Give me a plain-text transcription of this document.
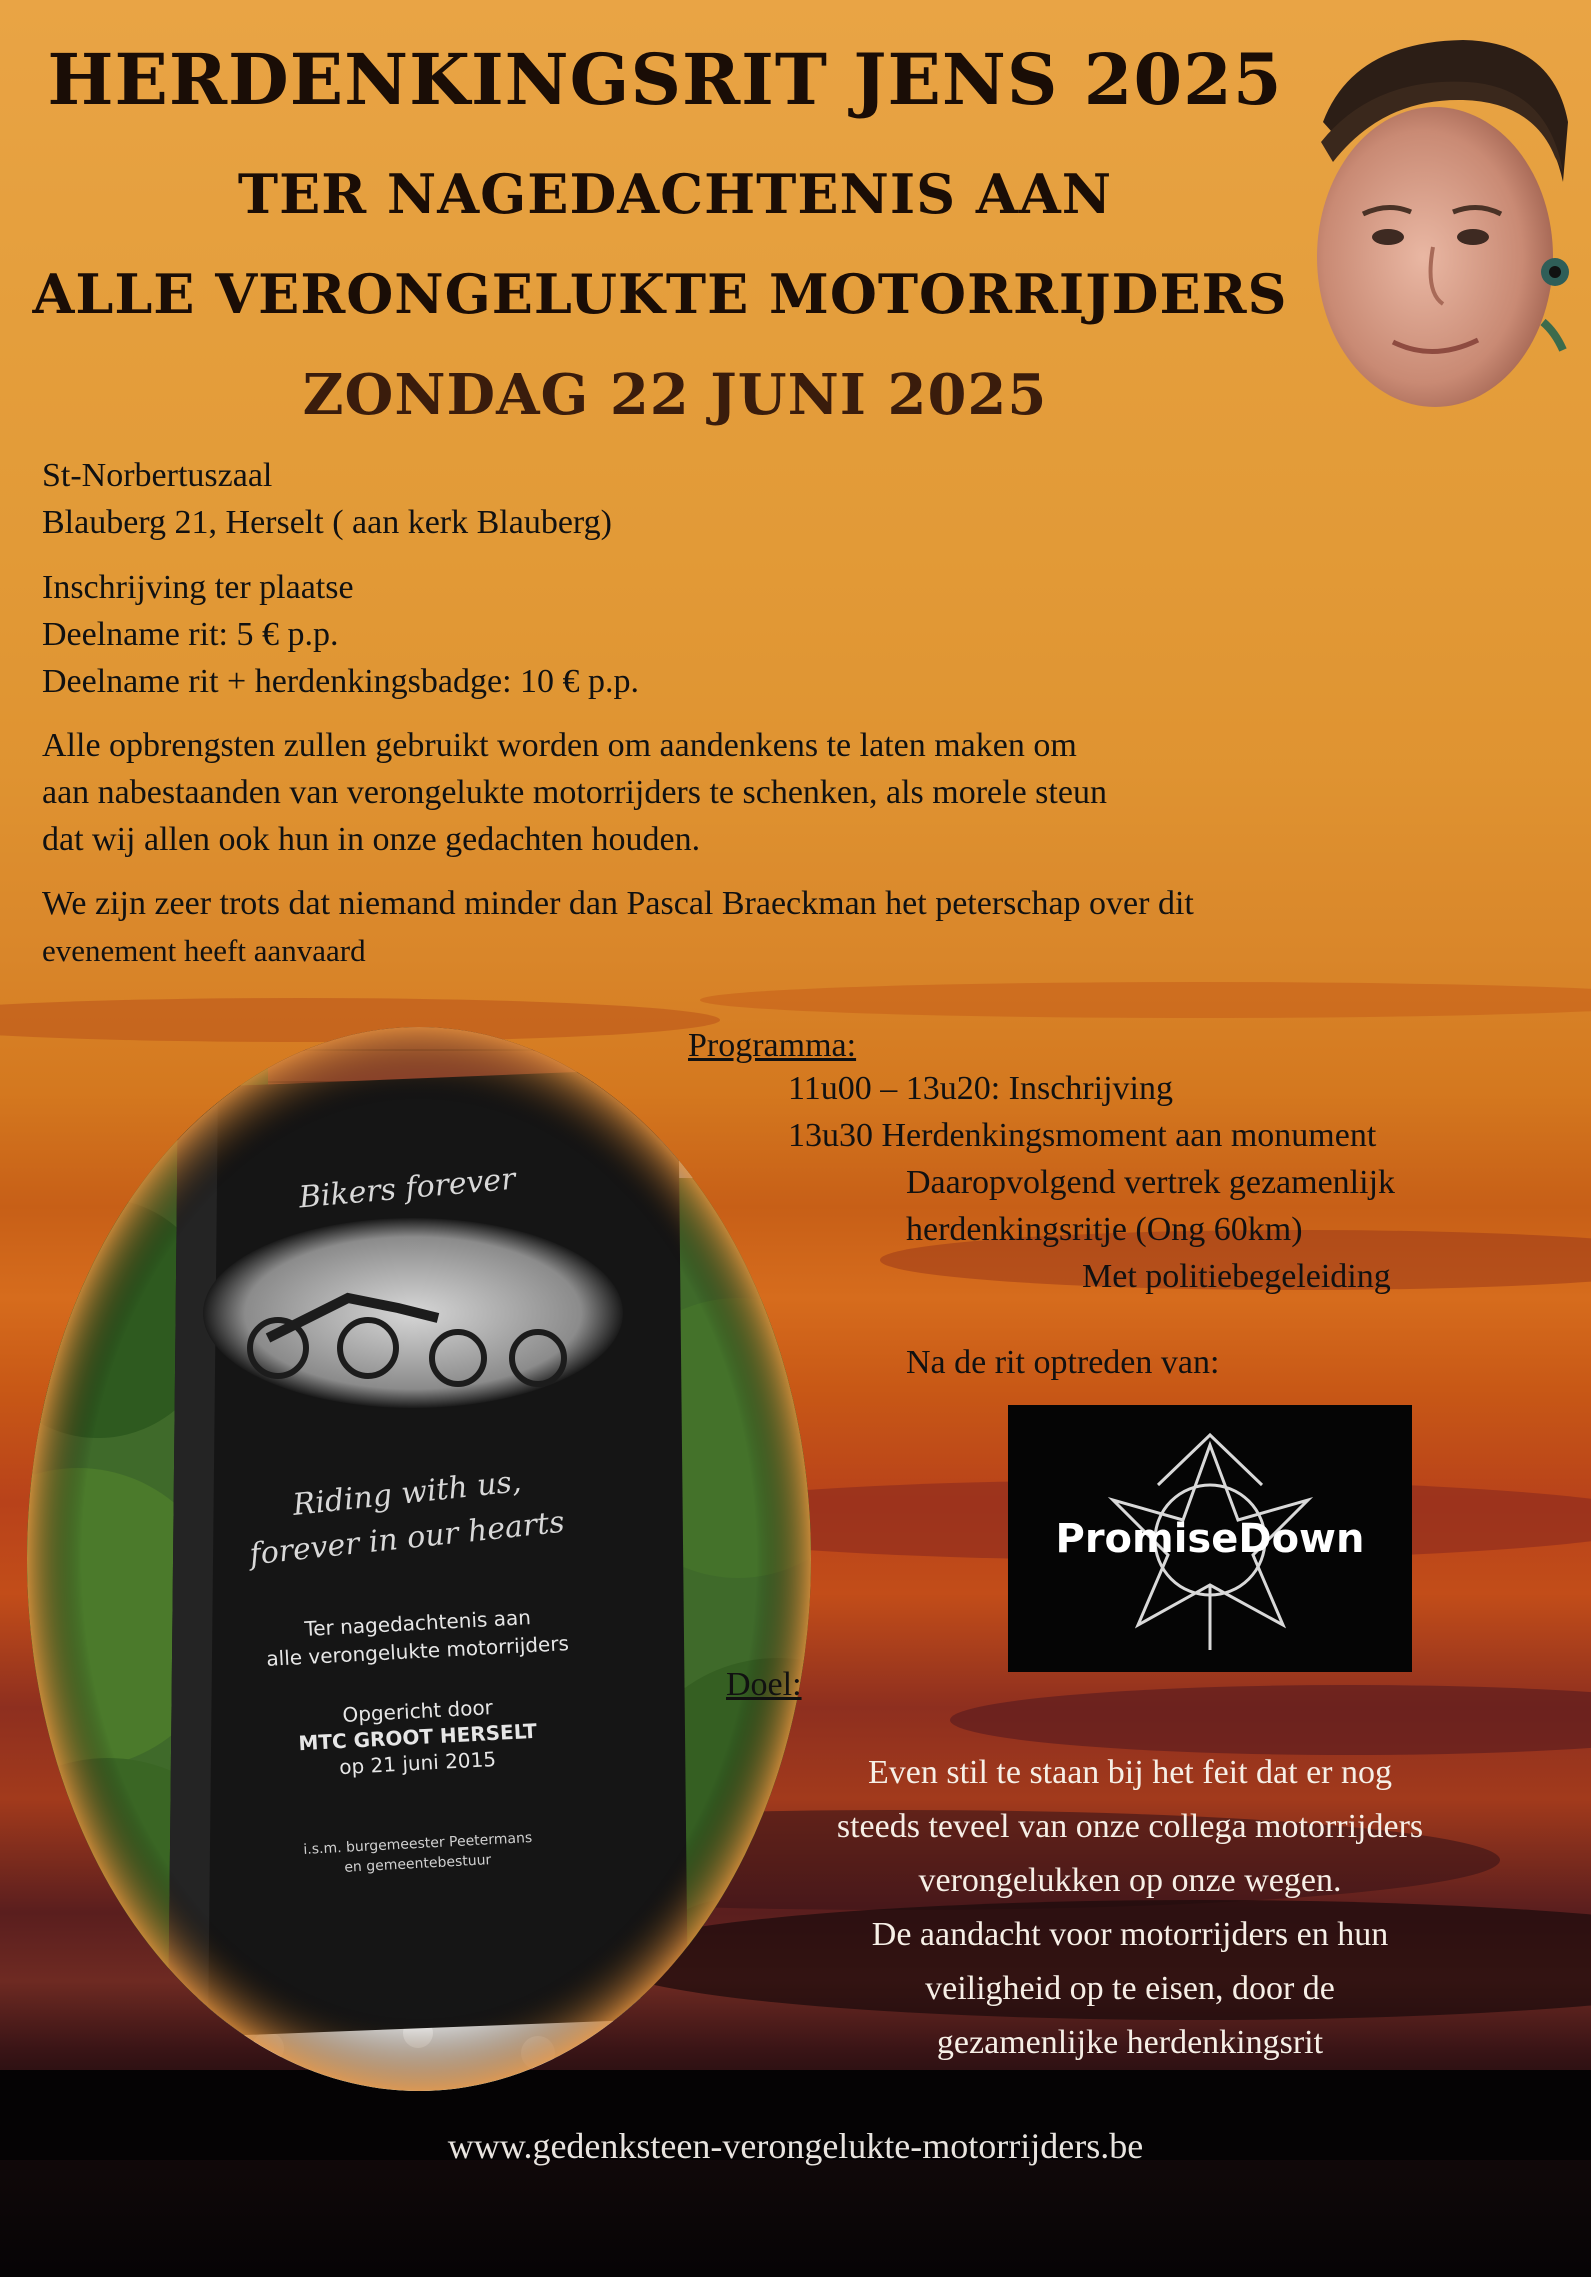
HERDENKINGSRIT JENS 2025
TER NAGEDACHTENIS AAN
ALLE VERONGELUKTE MOTORRIJDERS
ZONDAG 22 JUNI 2025
St-Norbertuszaal
Blauberg 21, Herselt ( aan kerk Blauberg)
Inschrijving ter plaatse
Deelname rit: 5 € p.p.
Deelname rit + herdenkingsbadge: 10 € p.p.
Alle opbrengsten zullen gebruikt worden om aandenkens te laten maken om
aan nabestaanden van verongelukte motorrijders te schenken, als morele steun
dat wij allen ook hun in onze gedachten houden.
We zijn zeer trots dat niemand minder dan Pascal Braeckman het peterschap over dit
evenement heeft aanvaard
Programma:
11u00 – 13u20: Inschrijving
13u30 Herdenkingsmoment aan monument
Daaropvolgend vertrek gezamenlijk
herdenkingsritje (Ong 60km)
Met politiebegeleiding
Na de rit optreden van:
PromiseDown
Doel:
Even stil te staan bij het feit dat er nog
steeds teveel van onze collega motorrijders
verongelukken op onze wegen.
De aandacht voor motorrijders en hun
veiligheid op te eisen, door de
gezamenlijke herdenkingsrit
www.gedenksteen-verongelukte-motorrijders.be
